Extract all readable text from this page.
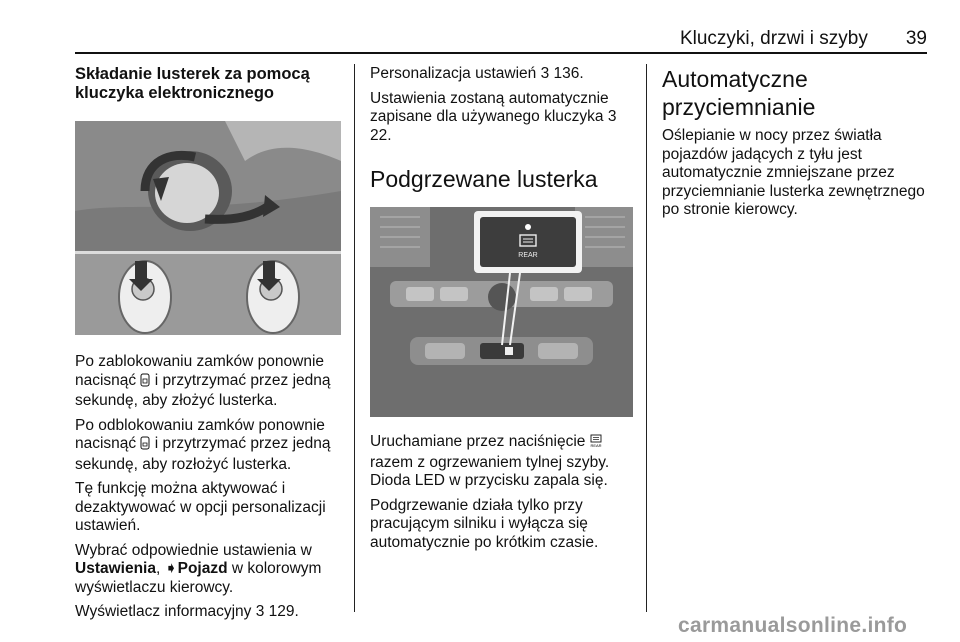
Kluczyki, drzwi i szyby 39
Składanie lusterek za pomocą kluczyka elektronicznego

Po zablokowaniu zamków ponownie nacisnąć  i przytrzymać przez jedną sekundę, aby złożyć lusterka.

Po odblokowaniu zamków ponownie nacisnąć  i przytrzymać przez jedną sekundę, aby rozłożyć lusterka.

Tę funkcję można aktywować i dezaktywować w opcji personalizacji ustawień.

Wybrać odpowiednie ustawienia w Ustawienia, ➧Pojazd w kolorowym wyświetlaczu kierowcy.

Wyświetlacz informacyjny 3 129.

Personalizacja ustawień 3 136.

Ustawienia zostaną automatycznie zapisane dla używanego kluczyka 3 22.

Podgrzewane lusterka
REAR

Uruchamiane przez naciśnięcie REAR
razem z ogrzewaniem tylnej szyby. Dioda LED w przycisku zapala się.

Podgrzewanie działa tylko przy pracującym silniku i wyłącza się automatycznie po krótkim czasie.

Automatyczne przyciemnianie

Oślepianie w nocy przez światła pojazdów jadących z tyłu jest automatycznie zmniejszane przez przyciemnianie lusterka zewnętrznego po stronie kierowcy.

carmanualsonline.info
